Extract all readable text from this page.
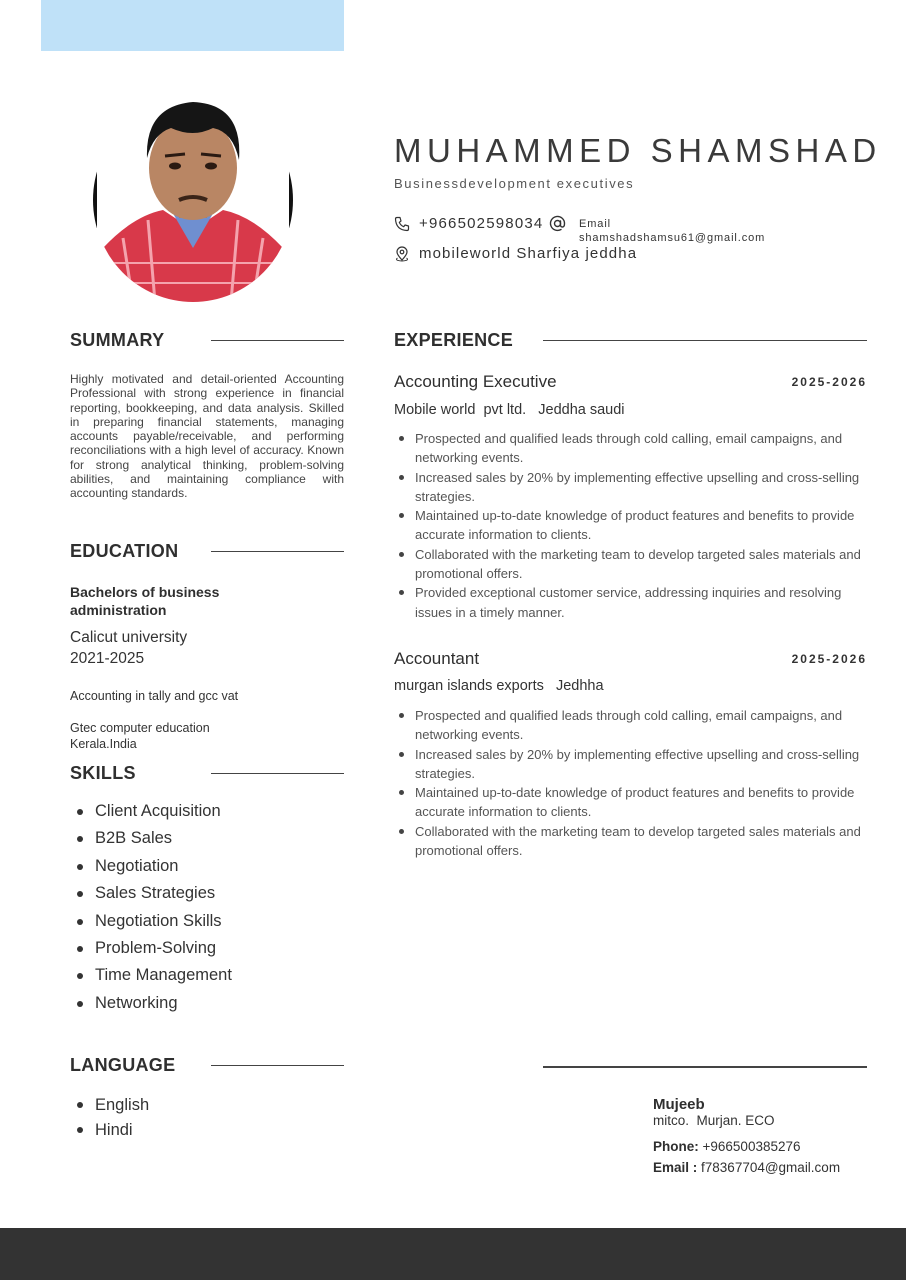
MUHAMMED SHAMSHAD
Businessdevelopment executives
+966502598034	Email
shamshadshamsu61@gmail.com
mobileworld Sharfiya jeddha
SUMMARY
Highly motivated and detail-oriented Accounting Professional with strong experience in financial reporting, bookkeeping, and data analysis. Skilled in preparing financial statements, managing accounts payable/receivable, and performing reconciliations with a high level of accuracy. Known for strong analytical thinking, problem-solving abilities, and maintaining compliance with accounting standards.
EDUCATION
Bachelors of business administration
Calicut university
2021-2025
Accounting in tally and gcc vat
Gtec computer education
Kerala.India
SKILLS
Client Acquisition
B2B Sales
Negotiation
Sales Strategies
Negotiation Skills
Problem-Solving
Time Management
Networking
LANGUAGE
English
Hindi
EXPERIENCE
Accounting Executive	2025-2026
Mobile world  pvt ltd.   Jeddha saudi
Prospected and qualified leads through cold calling, email campaigns, and networking events.
Increased sales by 20% by implementing effective upselling and cross-selling strategies.
Maintained up-to-date knowledge of product features and benefits to provide accurate information to clients.
Collaborated with the marketing team to develop targeted sales materials and promotional offers.
Provided exceptional customer service, addressing inquiries and resolving issues in a timely manner.
Accountant	2025-2026
murgan islands exports   Jedhha
Prospected and qualified leads through cold calling, email campaigns, and networking events.
Increased sales by 20% by implementing effective upselling and cross-selling strategies.
Maintained up-to-date knowledge of product features and benefits to provide accurate information to clients.
Collaborated with the marketing team to develop targeted sales materials and promotional offers.
Mujeeb
mitco.  Murjan. ECO
Phone: +966500385276
Email : f78367704@gmail.com
